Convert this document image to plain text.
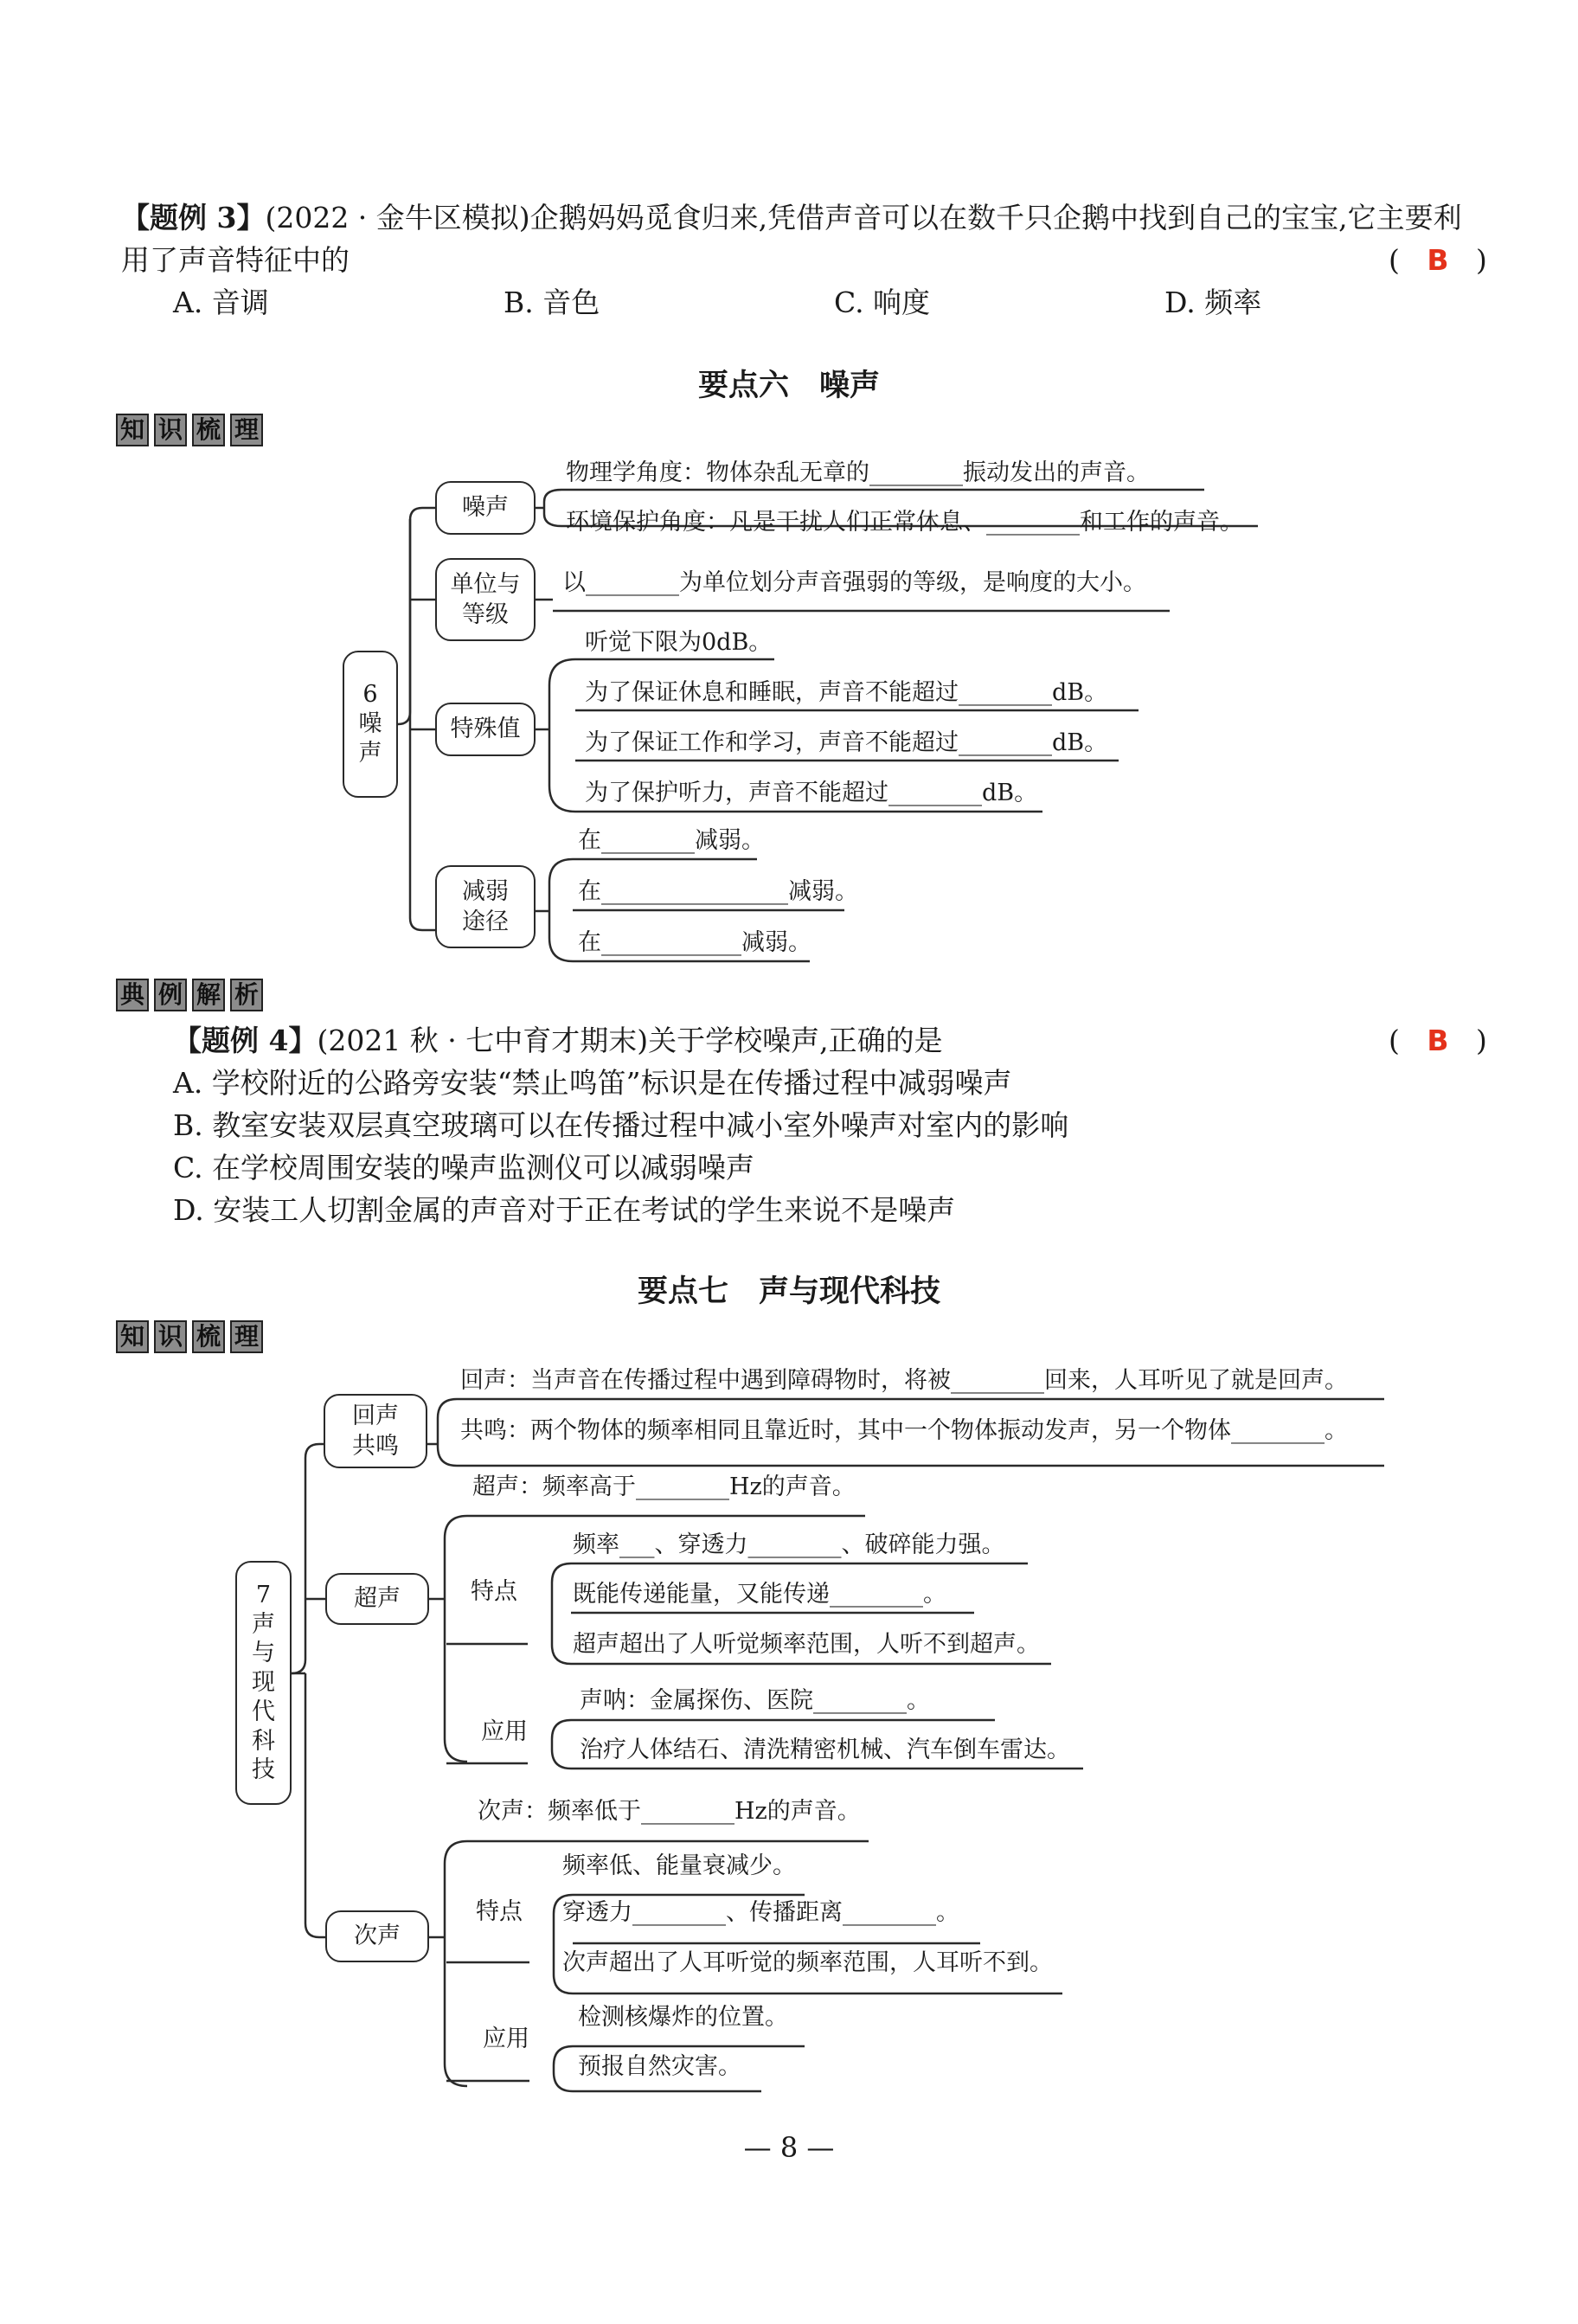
【题例 3】(2022 · 金牛区模拟)企鹅妈妈觅食归来,凭借声音可以在数千只企鹅中找到自己的宝宝,它主要利
用了声音特征中的	( B )
A. 音调	B. 音色	C. 响度	D. 频率
要点六　噪声
知 识 梳 理
6
噪
声
噪声
单位与
等级
特殊值
减弱
途径
物理学角度：物体杂乱无章的________振动发出的声音。
环境保护角度：凡是干扰人们正常休息、________和工作的声音。
以________为单位划分声音强弱的等级，是响度的大小。
听觉下限为0dB。
为了保证休息和睡眠，声音不能超过________dB。
为了保证工作和学习，声音不能超过________dB。
为了保护听力，声音不能超过________dB。
在________减弱。
在________________减弱。
在____________减弱。
典 例 解 析
【题例 4】(2021 秋 · 七中育才期末)关于学校噪声,正确的是	( B )
A. 学校附近的公路旁安装“禁止鸣笛”标识是在传播过程中减弱噪声
B. 教室安装双层真空玻璃可以在传播过程中减小室外噪声对室内的影响
C. 在学校周围安装的噪声监测仪可以减弱噪声
D. 安装工人切割金属的声音对于正在考试的学生来说不是噪声
要点七　声与现代科技
知 识 梳 理
7
声
与
现
代
科
技
回声
共鸣
超声
次声
回声：当声音在传播过程中遇到障碍物时，将被________回来，人耳听见了就是回声。
共鸣：两个物体的频率相同且靠近时，其中一个物体振动发声，另一个物体________。
超声：频率高于________Hz的声音。
特点
频率___、穿透力________、破碎能力强。
既能传递能量，又能传递________。
超声超出了人听觉频率范围，人听不到超声。
应用
声呐：金属探伤、医院________。
治疗人体结石、清洗精密机械、汽车倒车雷达。
次声：频率低于________Hz的声音。
特点
频率低、能量衰减少。
穿透力________、传播距离________。
次声超出了人耳听觉的频率范围，人耳听不到。
应用
检测核爆炸的位置。
预报自然灾害。
— 8 —
